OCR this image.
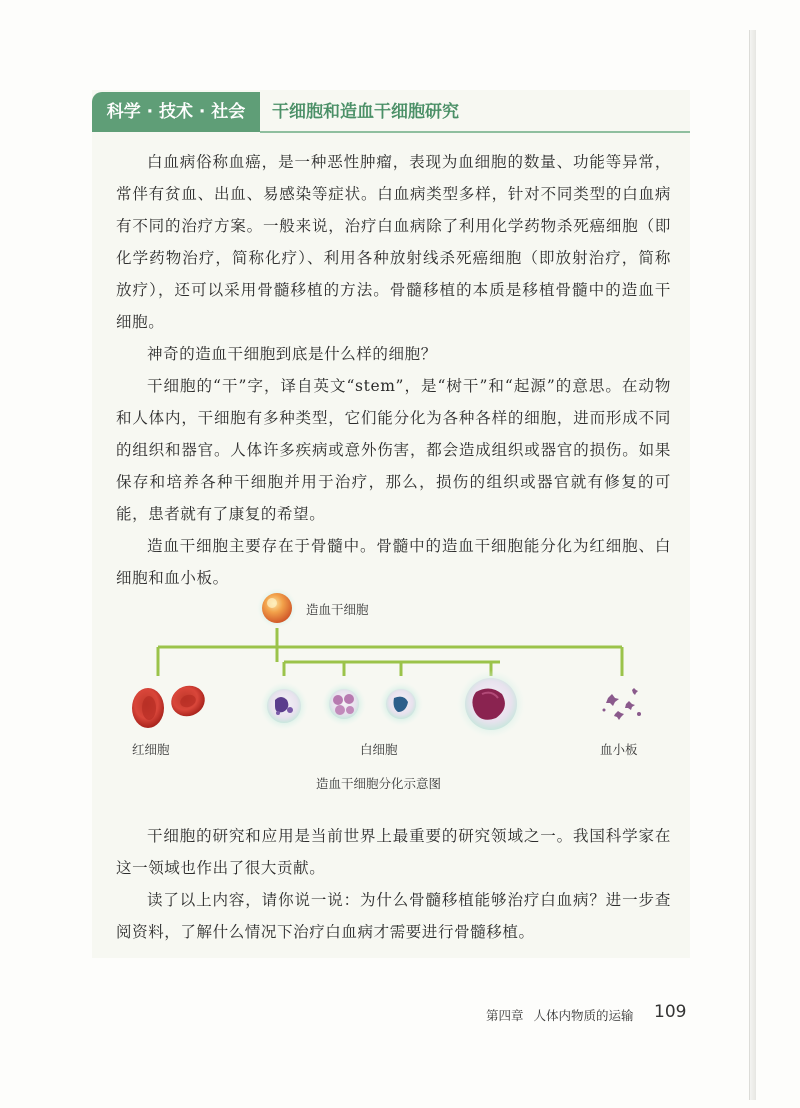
科学 · 技术 · 社会	干细胞和造血干细胞研究

白血病俗称血癌，是一种恶性肿瘤，表现为血细胞的数量、功能等异常，常伴有贫血、出血、易感染等症状。白血病类型多样，针对不同类型的白血病有不同的治疗方案。一般来说，治疗白血病除了利用化学药物杀死癌细胞（即化学药物治疗，简称化疗）、利用各种放射线杀死癌细胞（即放射治疗，简称放疗），还可以采用骨髓移植的方法。骨髓移植的本质是移植骨髓中的造血干细胞。

神奇的造血干细胞到底是什么样的细胞？

干细胞的“干”字，译自英文“stem”，是“树干”和“起源”的意思。在动物和人体内，干细胞有多种类型，它们能分化为各种各样的细胞，进而形成不同的组织和器官。人体许多疾病或意外伤害，都会造成组织或器官的损伤。如果保存和培养各种干细胞并用于治疗，那么，损伤的组织或器官就有修复的可能，患者就有了康复的希望。

造血干细胞主要存在于骨髓中。骨髓中的造血干细胞能分化为红细胞、白细胞和血小板。

造血干细胞
红细胞	白细胞	血小板
造血干细胞分化示意图

干细胞的研究和应用是当前世界上最重要的研究领域之一。我国科学家在这一领域也作出了很大贡献。

读了以上内容，请你说一说：为什么骨髓移植能够治疗白血病？进一步查阅资料，了解什么情况下治疗白血病才需要进行骨髓移植。

第四章 人体内物质的运输 109
